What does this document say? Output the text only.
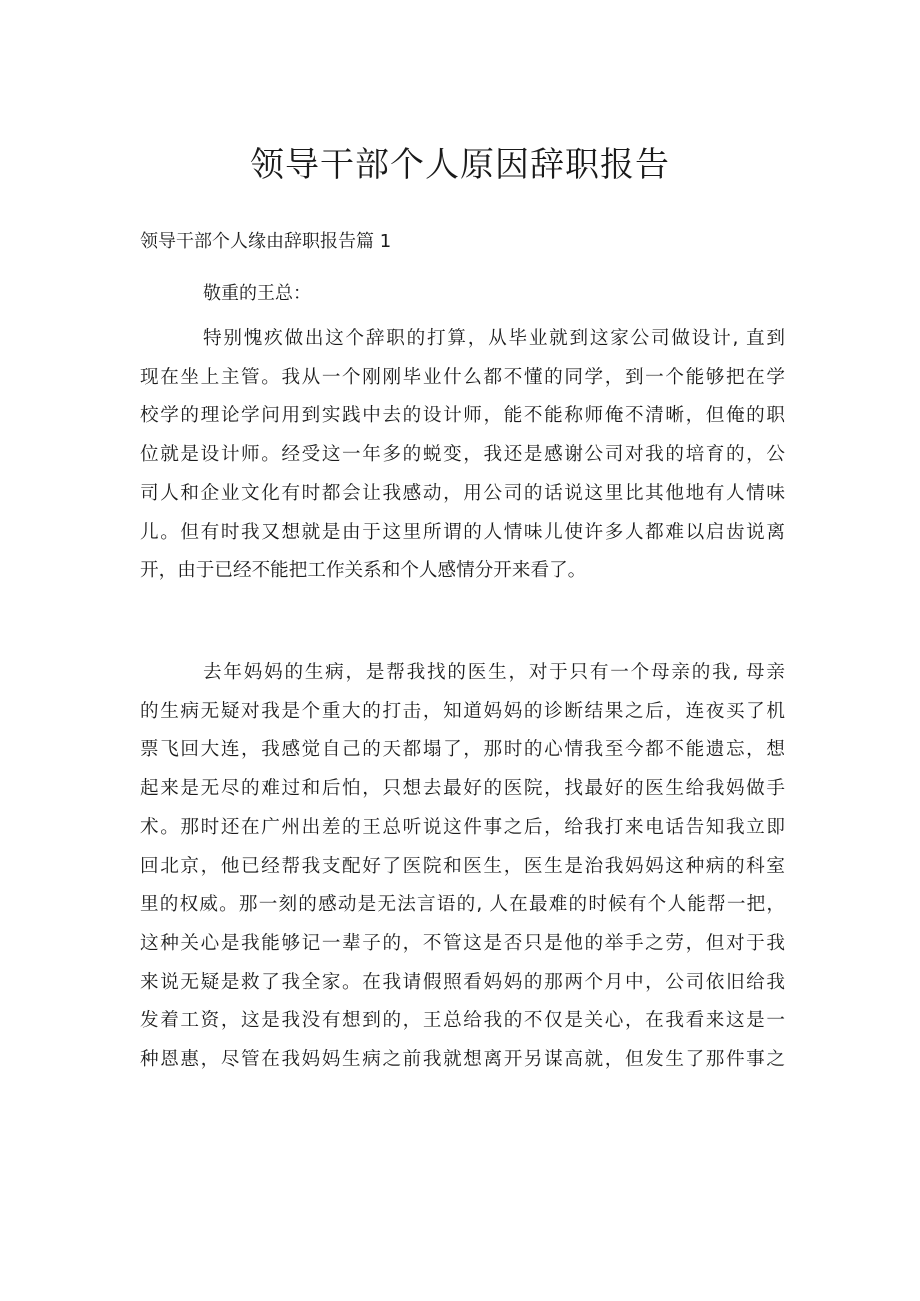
领导干部个人原因辞职报告

领导干部个人缘由辞职报告篇 1

敬重的王总：

特别愧疚做出这个辞职的打算，从毕业就到这家公司做设计, 直到
现在坐上主管。我从一个刚刚毕业什么都不懂的同学，到一个能够把在学
校学的理论学问用到实践中去的设计师，能不能称师俺不清晰，但俺的职
位就是设计师。经受这一年多的蜕变，我还是感谢公司对我的培育的，公
司人和企业文化有时都会让我感动，用公司的话说这里比其他地有人情味
儿。但有时我又想就是由于这里所谓的人情味儿使许多人都难以启齿说离
开，由于已经不能把工作关系和个人感情分开来看了。
去年妈妈的生病，是帮我找的医生，对于只有一个母亲的我, 母亲
的生病无疑对我是个重大的打击，知道妈妈的诊断结果之后，连夜买了机
票飞回大连，我感觉自己的天都塌了，那时的心情我至今都不能遗忘，想
起来是无尽的难过和后怕，只想去最好的医院，找最好的医生给我妈做手
术。那时还在广州出差的王总听说这件事之后，给我打来电话告知我立即
回北京，他已经帮我支配好了医院和医生，医生是治我妈妈这种病的科室
里的权威。那一刻的感动是无法言语的, 人在最难的时候有个人能帮一把，
这种关心是我能够记一辈子的，不管这是否只是他的举手之劳，但对于我
来说无疑是救了我全家。在我请假照看妈妈的那两个月中，公司依旧给我
发着工资，这是我没有想到的，王总给我的不仅是关心，在我看来这是一
种恩惠，尽管在我妈妈生病之前我就想离开另谋高就，但发生了那件事之
